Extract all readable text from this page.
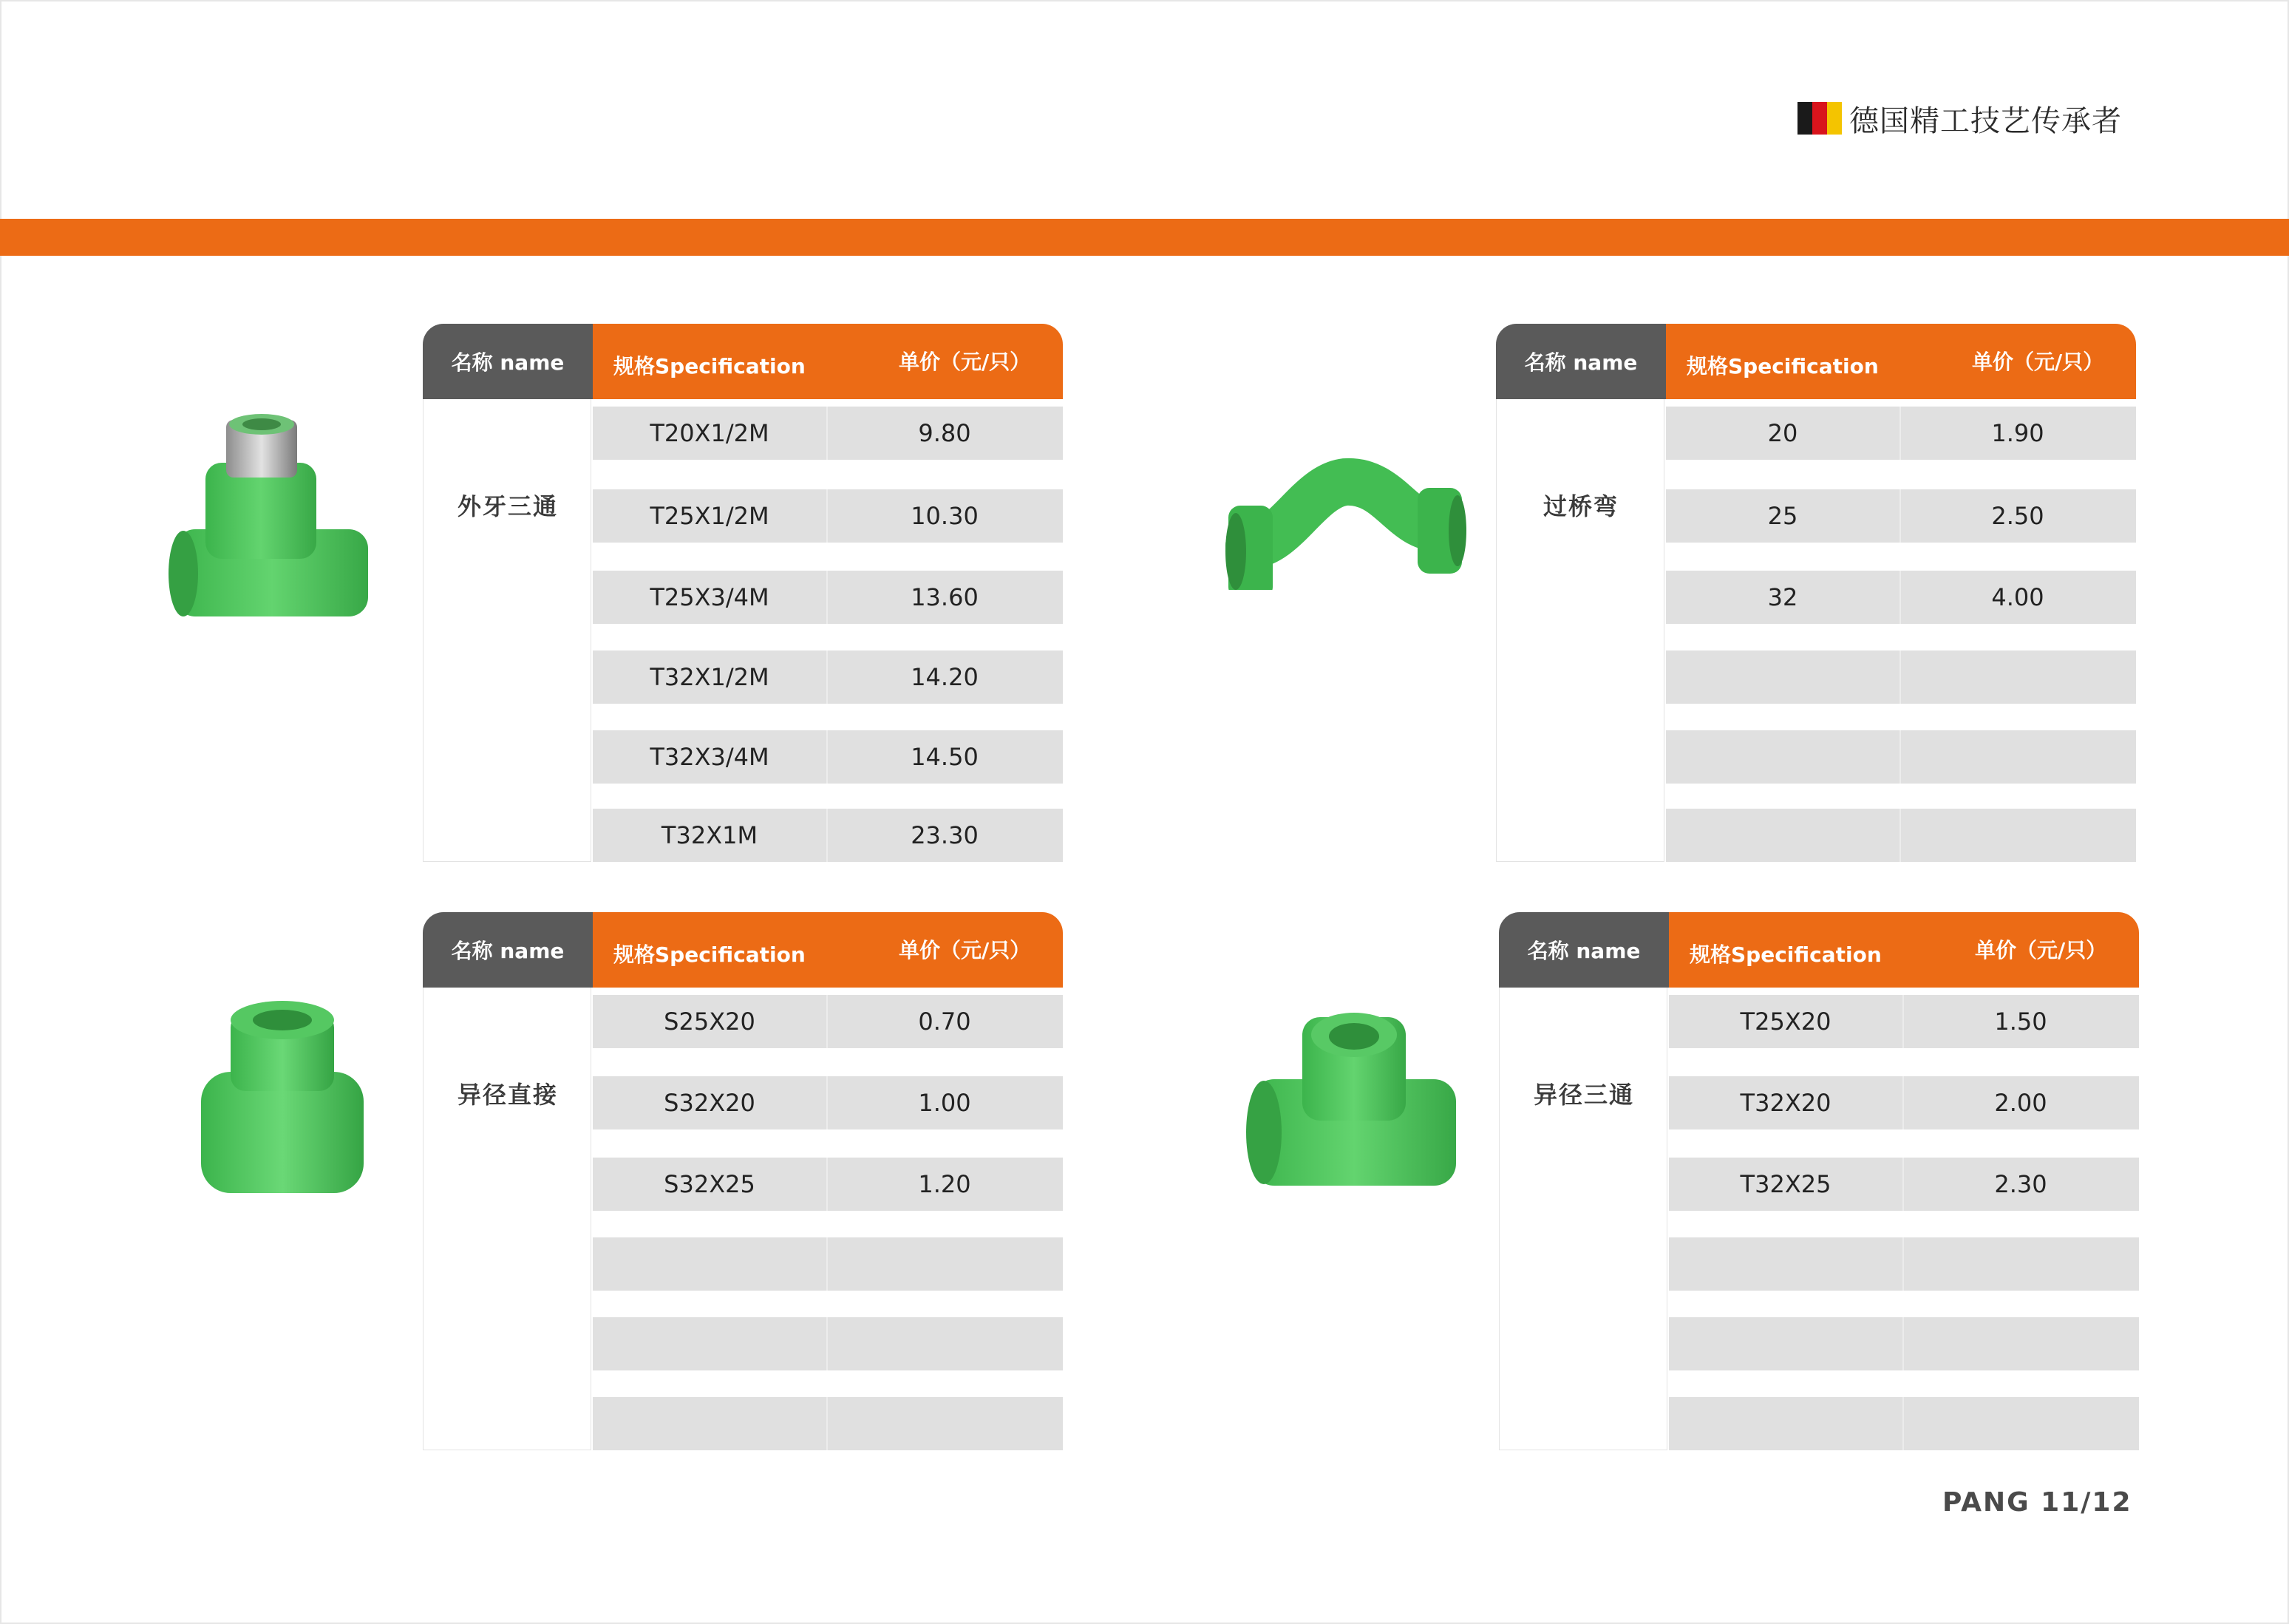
德国精工技艺传承者
名称 name	规格Specification	单价（元/只）
外牙三通
T20X1/2M	9.80
T25X1/2M	10.30
T25X3/4M	13.60
T32X1/2M	14.20
T32X3/4M	14.50
T32X1M	23.30
名称 name	规格Specification	单价（元/只）
过桥弯
20	1.90
25	2.50
32	4.00
名称 name	规格Specification	单价（元/只）
异径直接
S25X20	0.70
S32X20	1.00
S32X25	1.20
名称 name	规格Specification	单价（元/只）
异径三通
T25X20	1.50
T32X20	2.00
T32X25	2.30
PANG 11/12
